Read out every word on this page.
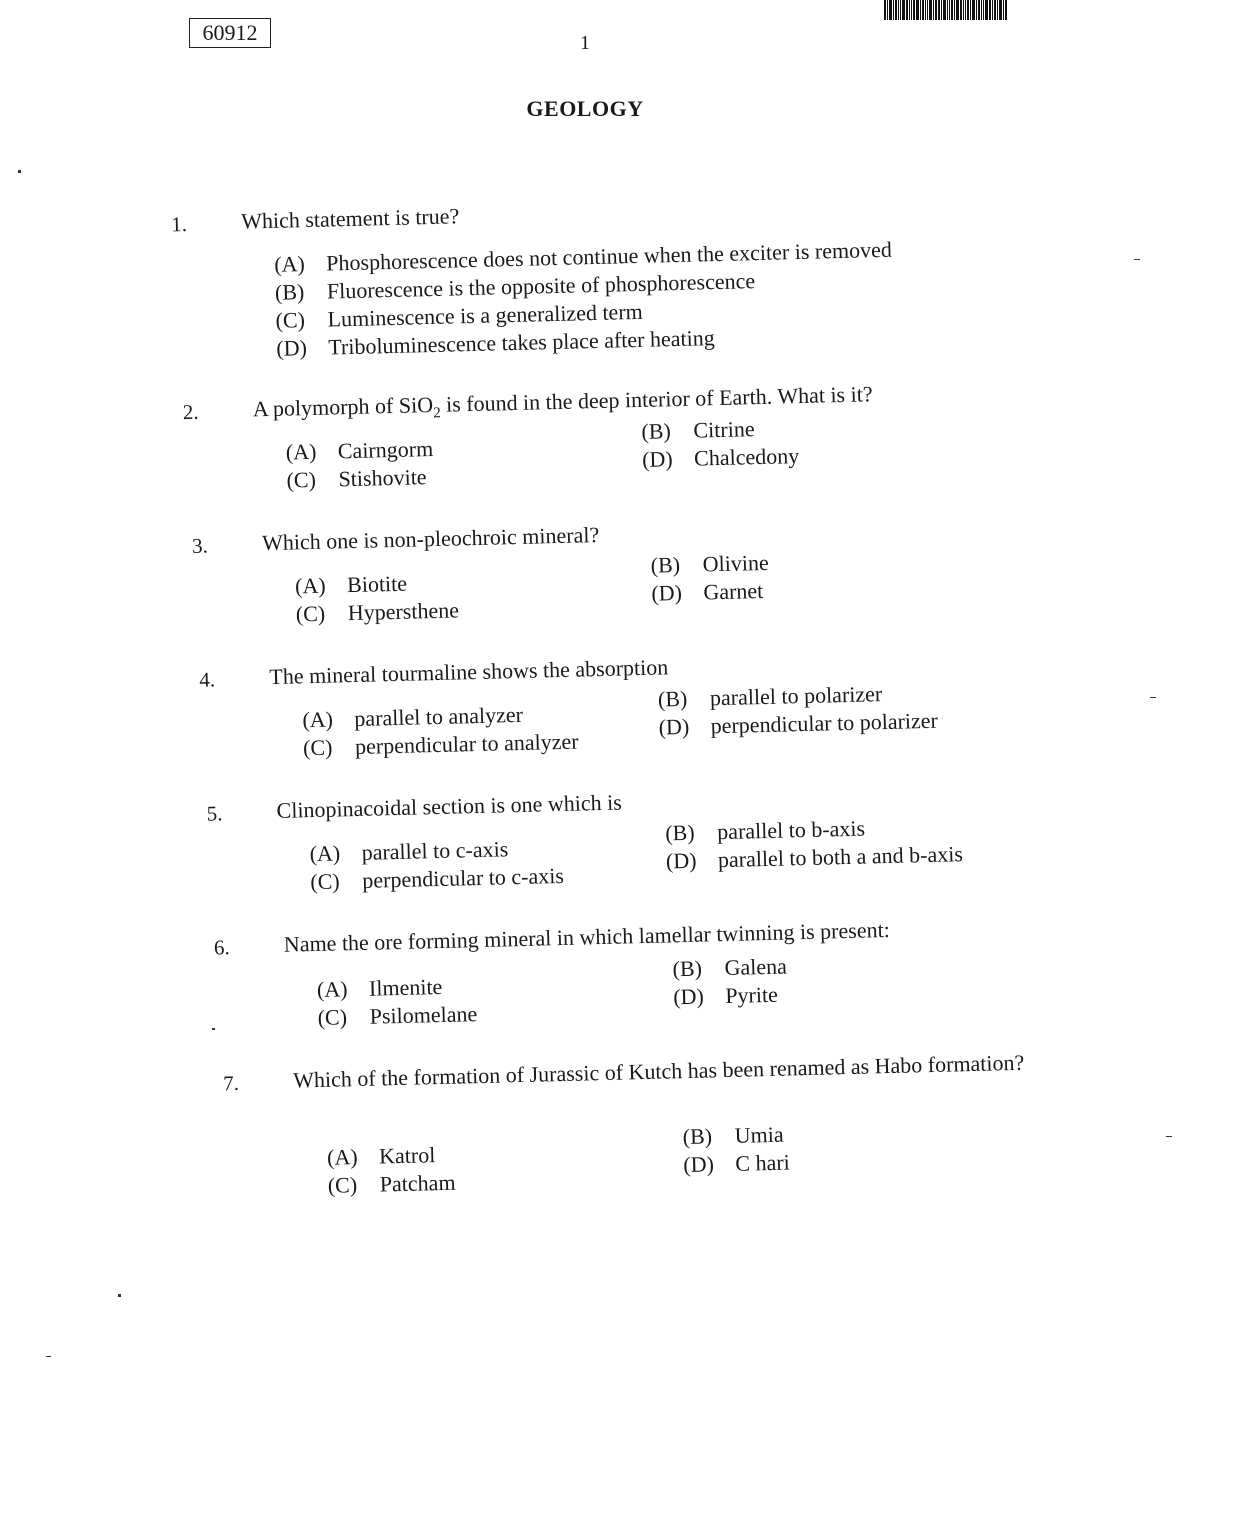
60912	1
GEOLOGY
1. Which statement is true?
(A) Phosphorescence does not continue when the exciter is removed
(B) Fluorescence is the opposite of phosphorescence
(C) Luminescence is a generalized term
(D) Triboluminescence takes place after heating
2. A polymorph of SiO$_2$ is found in the deep interior of Earth. What is it?
(A) Cairngorm
(B) Citrine
(C) Stishovite
(D) Chalcedony
3. Which one is non-pleochroic mineral?
(A) Biotite
(B) Olivine
(C) Hypersthene
(D) Garnet
4. The mineral tourmaline shows the absorption
(A) parallel to analyzer
(B) parallel to polarizer
(C) perpendicular to analyzer
(D) perpendicular to polarizer
5. Clinopinacoidal section is one which is
(A) parallel to c-axis
(B) parallel to b-axis
(C) perpendicular to c-axis
(D) parallel to both a and b-axis
6. Name the ore forming mineral in which lamellar twinning is present:
(A) Ilmenite
(B) Galena
(C) Psilomelane
(D) Pyrite
7. Which of the formation of Jurassic of Kutch has been renamed as Habo formation?
(A) Katrol
(B) Umia
(C) Patcham
(D) C hari
